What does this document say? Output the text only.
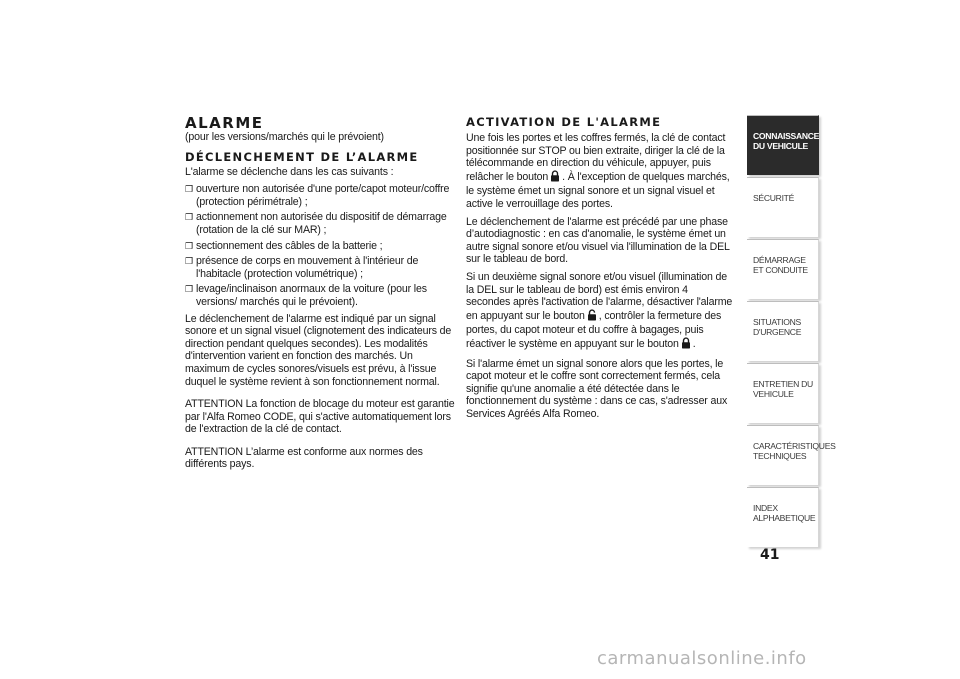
ALARME

(pour les versions/marchés qui le prévoient)

DÉCLENCHEMENT DE L’ALARME

L'alarme se déclenche dans les cas suivants :

❒ ouverture non autorisée d'une porte/capot moteur/coffre (protection périmétrale) ;
❒ actionnement non autorisée du dispositif de démarrage (rotation de la clé sur MAR) ;
❒ sectionnement des câbles de la batterie ;
❒ présence de corps en mouvement à l'intérieur de l'habitacle (protection volumétrique) ;
❒ levage/inclinaison anormaux de la voiture (pour les versions/ marchés qui le prévoient).

Le déclenchement de l'alarme est indiqué par un signal sonore et un signal visuel (clignotement des indicateurs de direction pendant quelques secondes). Les modalités d'intervention varient en fonction des marchés. Un maximum de cycles sonores/visuels est prévu, à l'issue duquel le système revient à son fonctionnement normal.

ATTENTION La fonction de blocage du moteur est garantie par l'Alfa Romeo CODE, qui s'active automatiquement lors de l'extraction de la clé de contact.

ATTENTION L’alarme est conforme aux normes des différents pays.

ACTIVATION DE L'ALARME

Une fois les portes et les coffres fermés, la clé de contact positionnée sur STOP ou bien extraite, diriger la clé de la télécommande en direction du véhicule, appuyer, puis relâcher le bouton . À l'exception de quelques marchés, le système émet un signal sonore et un signal visuel et active le verrouillage des portes.

Le déclenchement de l'alarme est précédé par une phase d’autodiagnostic : en cas d'anomalie, le système émet un autre signal sonore et/ou visuel via l'illumination de la DEL sur le tableau de bord.

Si un deuxième signal sonore et/ou visuel (illumination de la DEL sur le tableau de bord) est émis environ 4 secondes après l'activation de l'alarme, désactiver l'alarme en appuyant sur le bouton , contrôler la fermeture des portes, du capot moteur et du coffre à bagages, puis réactiver le système en appuyant sur le bouton .

Si l'alarme émet un signal sonore alors que les portes, le capot moteur et le coffre sont correctement fermés, cela signifie qu'une anomalie a été détectée dans le fonctionnement du système : dans ce cas, s'adresser aux Services Agréés Alfa Romeo.

CONNAISSANCE DU VEHICULE
SÉCURITÉ
DÉMARRAGE ET CONDUITE
SITUATIONS D'URGENCE
ENTRETIEN DU VEHICULE
CARACTÉRISTIQUES TECHNIQUES
INDEX ALPHABETIQUE
41
carmanualsonline.info
